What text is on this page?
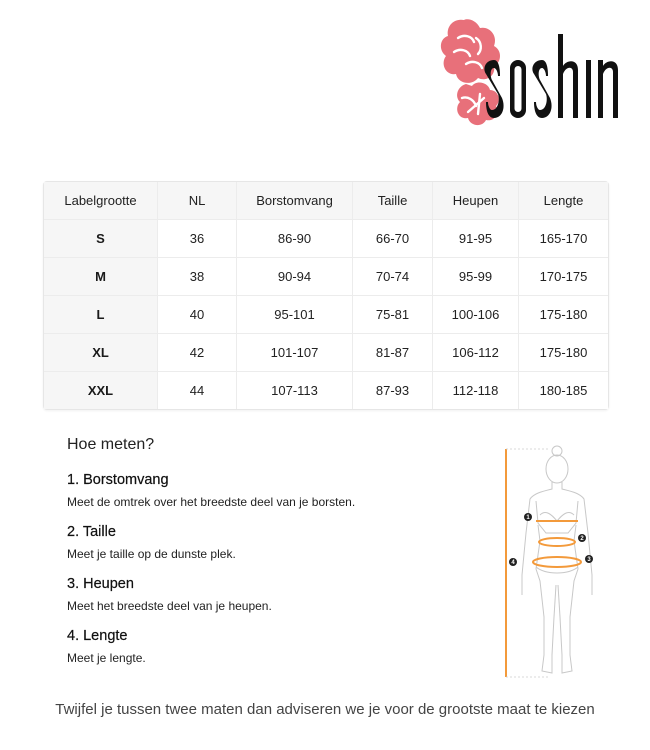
Labelgrootte	NL	Borstomvang	Taille	Heupen	Lengte
S	36	86-90	66-70	91-95	165-170
M	38	90-94	70-74	95-99	170-175
L	40	95-101	75-81	100-106	175-180
XL	42	101-107	81-87	106-112	175-180
XXL	44	107-113	87-93	112-118	180-185
Hoe meten?
1. Borstomvang

Meet de omtrek over het breedste deel van je borsten.

2. Taille

Meet je taille op de dunste plek.

3. Heupen

Meet het breedste deel van je heupen.

4. Lengte

Meet je lengte.

1
2
3
4
Twijfel je tussen twee maten dan adviseren we je voor de grootste maat te kiezen
